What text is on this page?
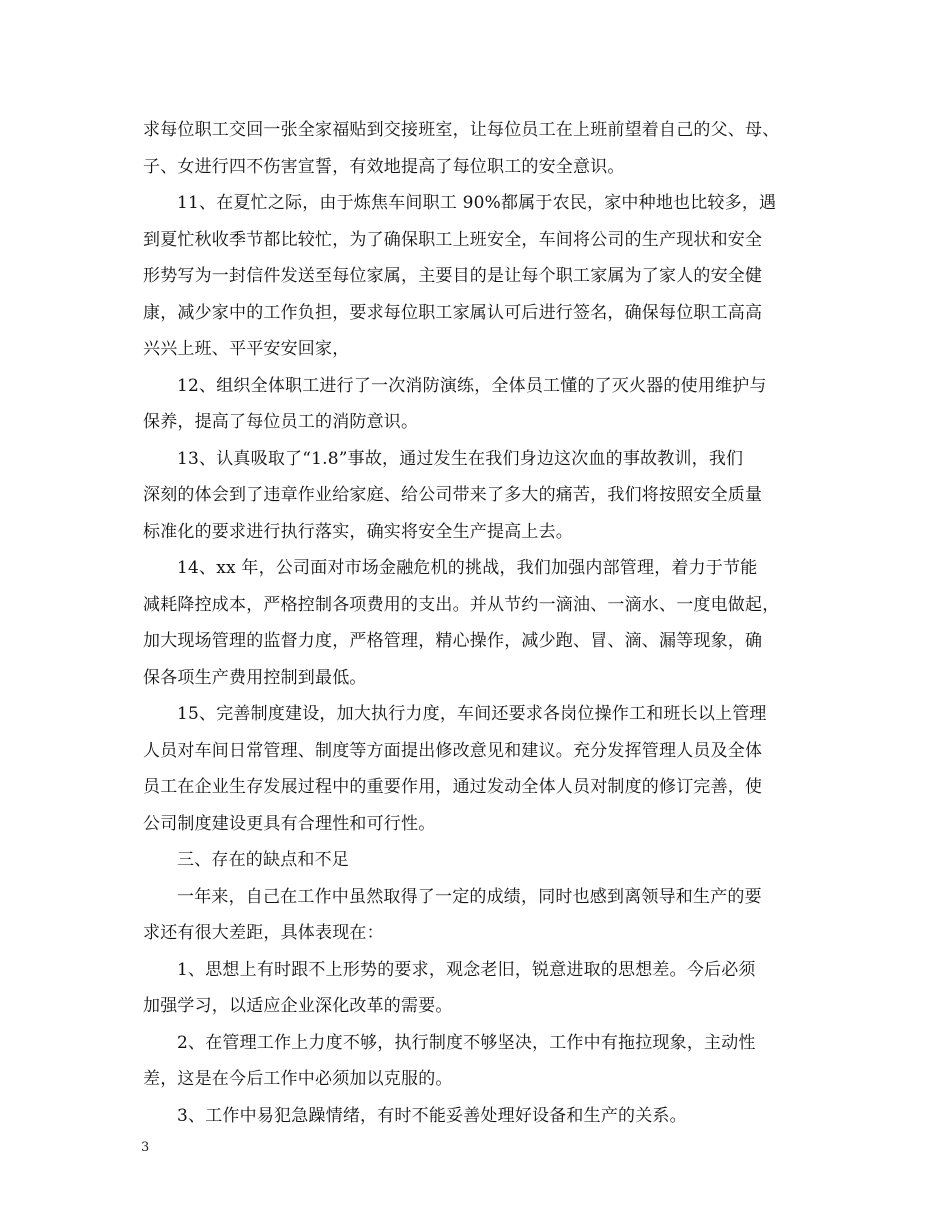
求每位职工交回一张全家福贴到交接班室，让每位员工在上班前望着自己的父、母、
子、女进行四不伤害宣誓，有效地提高了每位职工的安全意识。
11、在夏忙之际，由于炼焦车间职工 90%都属于农民，家中种地也比较多，遇
到夏忙秋收季节都比较忙，为了确保职工上班安全，车间将公司的生产现状和安全
形势写为一封信件发送至每位家属，主要目的是让每个职工家属为了家人的安全健
康，减少家中的工作负担，要求每位职工家属认可后进行签名，确保每位职工高高
兴兴上班、平平安安回家，
12、组织全体职工进行了一次消防演练，全体员工懂的了灭火器的使用维护与
保养，提高了每位员工的消防意识。
13、认真吸取了“1.8”事故，通过发生在我们身边这次血的事故教训，我们
深刻的体会到了违章作业给家庭、给公司带来了多大的痛苦，我们将按照安全质量
标准化的要求进行执行落实，确实将安全生产提高上去。
14、xx 年，公司面对市场金融危机的挑战，我们加强内部管理，着力于节能
减耗降控成本，严格控制各项费用的支出。并从节约一滴油、一滴水、一度电做起，
加大现场管理的监督力度，严格管理，精心操作，减少跑、冒、滴、漏等现象，确
保各项生产费用控制到最低。
15、完善制度建设，加大执行力度，车间还要求各岗位操作工和班长以上管理
人员对车间日常管理、制度等方面提出修改意见和建议。充分发挥管理人员及全体
员工在企业生存发展过程中的重要作用，通过发动全体人员对制度的修订完善，使
公司制度建设更具有合理性和可行性。
三、存在的缺点和不足
一年来，自己在工作中虽然取得了一定的成绩，同时也感到离领导和生产的要
求还有很大差距，具体表现在：
1、思想上有时跟不上形势的要求，观念老旧，锐意进取的思想差。今后必须
加强学习，以适应企业深化改革的需要。
2、在管理工作上力度不够，执行制度不够坚决，工作中有拖拉现象，主动性
差，这是在今后工作中必须加以克服的。
3、工作中易犯急躁情绪，有时不能妥善处理好设备和生产的关系。
3
